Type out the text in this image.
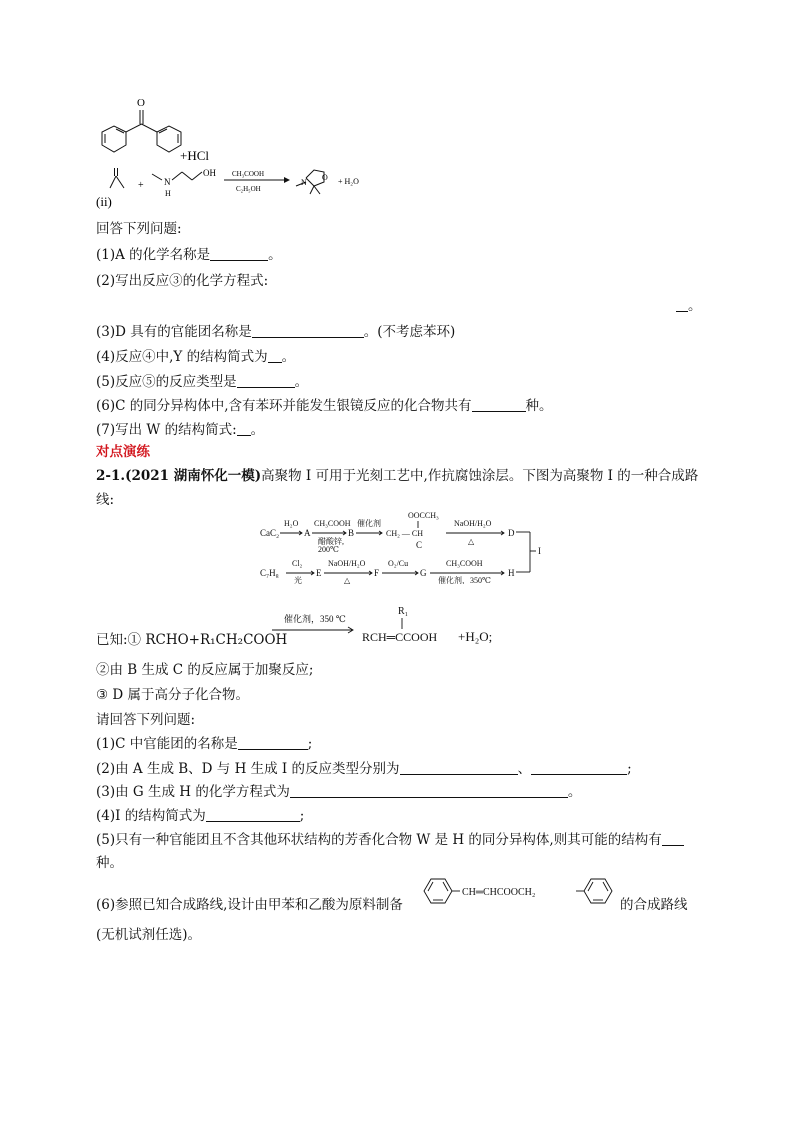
O
+HCl
+ N
H
OH CH₃COOH
C₂H₅OH
N
O + H₂O
(ii)
回答下列问题:
(1)A 的化学名称是	。
(2)写出反应③的化学方程式:
。
(3)D 具有的官能团名称是	。(不考虑苯环)
(4)反应④中,Y 的结构简式为 。
(5)反应⑤的反应类型是	。
(6)C 的同分异构体中,含有苯环并能发生银镜反应的化合物共有	种。
(7)写出 W 的结构简式: 。
对点演练
2-1.(2021 湖南怀化一模)高聚物 I 可用于光刻工艺中,作抗腐蚀涂层。下图为高聚物 I 的一种合成路
线:
CaC₂
H₂O
A
CH₃COOH
醋酸锌,
200℃
B
催化剂
OOCCH₃
CH₂ — CH
C
NaOH/H₂O
△
D
I
C₇H₈
Cl₂
光
E
NaOH/H₂O
△
F
O₂/Cu
G
CH₃COOH
催化剂，350℃
H
已知:① RCHO+R₁CH₂COOH
催化剂，350 ℃
R₁
RCH═CCOOH +H₂O;
②由 B 生成 C 的反应属于加聚反应;
③ D 属于高分子化合物。
请回答下列问题:
(1)C 中官能团的名称是	;
(2)由 A 生成 B、D 与 H 生成 I 的反应类型分别为	、	;
(3)由 G 生成 H 的化学方程式为	。
(4)I 的结构简式为	;
(5)只有一种官能团且不含其他环状结构的芳香化合物 W 是 H 的同分异构体,则其可能的结构有
种。
(6)参照已知合成路线,设计由甲苯和乙酸为原料制备
CH═CHCOOCH₂
的合成路线
(无机试剂任选)。
